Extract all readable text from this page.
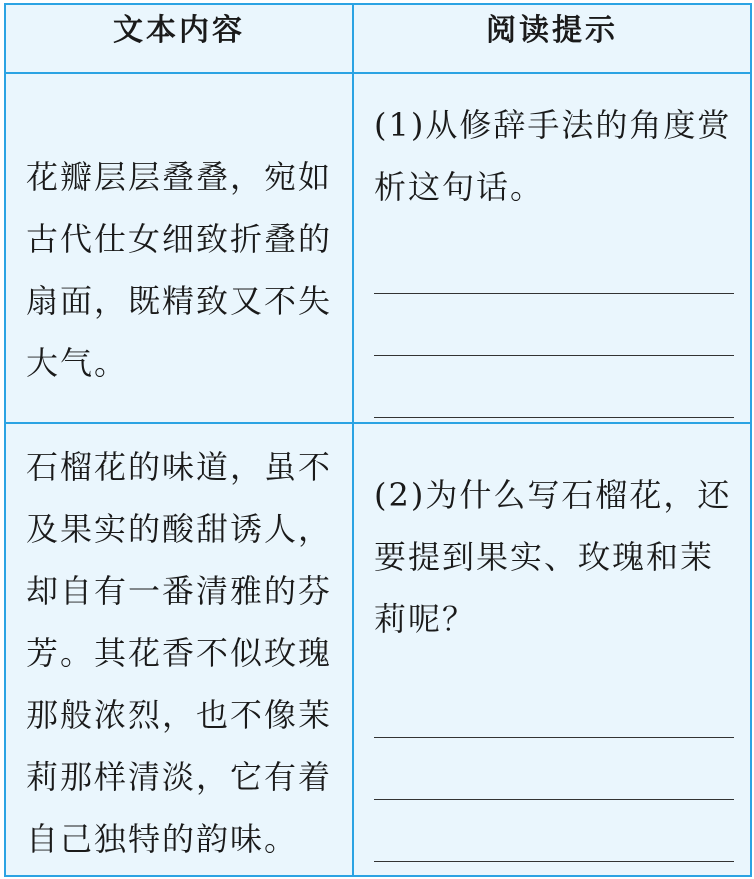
文本内容	阅读提示

花瓣层层叠叠，宛如古代仕女细致折叠的扇面，既精致又不失大气。	(1)从修辞手法的角度赏析这句话。

石榴花的味道，虽不及果实的酸甜诱人，却自有一番清雅的芬芳。其花香不似玫瑰那般浓烈，也不像茉莉那样清淡，它有着自己独特的韵味。	(2)为什么写石榴花，还要提到果实、玫瑰和茉莉呢？
